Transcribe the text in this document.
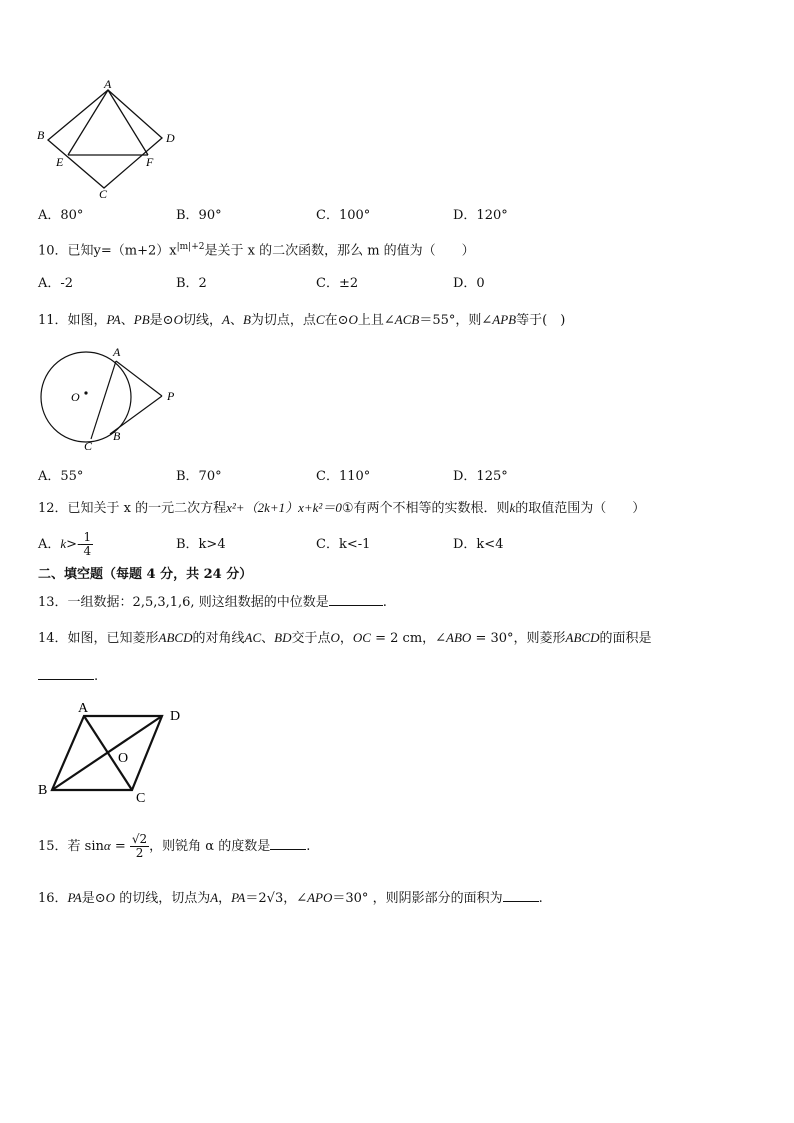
A
B	D
E	F
C
A．80°	B．90°	C．100°	D．120°
10．已知$y=(m+2)x^{|m|+2}$是关于 x 的二次函数，那么 m 的值为（　　）
A．-2	B．2	C．±2	D．0
11．如图，PA、PB是⊙O切线，A、B为切点，点C在⊙O上且∠ACB＝55°，则∠APB等于(　)
A
O	P
C
B
A．55°	B．70°	C．110°	D．125°
12．已知关于 x 的一元二次方程x²+（2k+1）x+k²＝0①有两个不相等的实数根．则k的取值范围为（　　）
A．$k>- \frac{1}{4}$	B．k>4	C．k<-1	D．k<4
二、填空题（每题 4 分，共 24 分）
13．一组数据：2,5,3,1,6, 则这组数据的中位数是	.
14．如图，已知菱形ABCD的对角线AC、BD交于点O，OC = 2 cm，∠ABO = 30°，则菱形ABCD的面积是
.
A
D
O
B
C
15．若 $\sin\alpha = \frac{√2}{2}$ ，则锐角 α 的度数是	.
16．PA是⊙O 的切线，切点为A，PA＝2√3，∠APO＝30° ，则阴影部分的面积为	.
